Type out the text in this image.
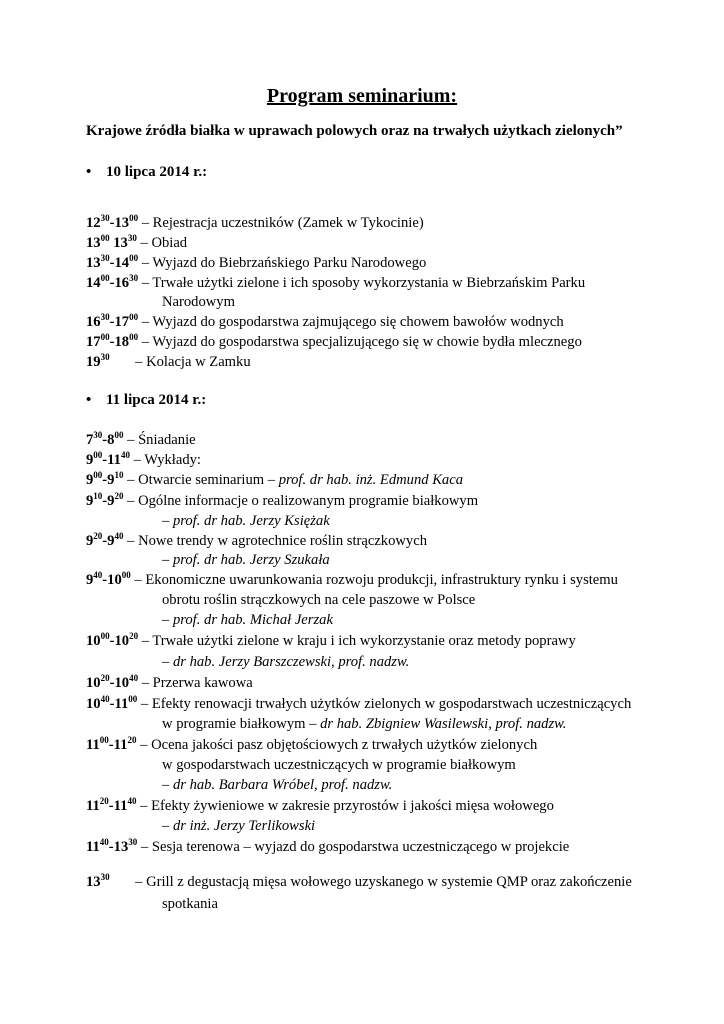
Program seminarium:
Krajowe źródła białka w uprawach polowych oraz na trwałych użytkach zielonych”
• 10 lipca 2014 r.:
$12^{30}-13^{00}$ – Rejestracja uczestników (Zamek w Tykocinie)
$13^{00}$ $13^{30}$ – Obiad
$13^{30}-14^{00}$ – Wyjazd do Biebrzańskiego Parku Narodowego
$14^{00}-16^{30}$ – Trwałe użytki zielone i ich sposoby wykorzystania w Biebrzańskim Parku
Narodowym
$16^{30}-17^{00}$ – Wyjazd do gospodarstwa zajmującego się chowem bawołów wodnych
$17^{00}-18^{00}$ – Wyjazd do gospodarstwa specjalizującego się w chowie bydła mlecznego
$19^{30}$       – Kolacja w Zamku
• 11 lipca 2014 r.:
$7^{30}-8^{00}$ – Śniadanie
$9^{00}-11^{40}$ – Wykłady:
$9^{00}-9^{10}$ – Otwarcie seminarium – prof. dr hab. inż. Edmund Kaca
$9^{10}-9^{20}$ – Ogólne informacje o realizowanym programie białkowym
– prof. dr hab. Jerzy Księżak
$9^{20}-9^{40}$ – Nowe trendy w agrotechnice roślin strączkowych
– prof. dr hab. Jerzy Szukała
$9^{40}-10^{00}$ – Ekonomiczne uwarunkowania rozwoju produkcji, infrastruktury rynku i systemu
obrotu roślin strączkowych na cele paszowe w Polsce
– prof. dr hab. Michał Jerzak
$10^{00}-10^{20}$ – Trwałe użytki zielone w kraju i ich wykorzystanie oraz metody poprawy
– dr hab. Jerzy Barszczewski, prof. nadzw.
$10^{20}-10^{40}$ – Przerwa kawowa
$10^{40}-11^{00}$ – Efekty renowacji trwałych użytków zielonych w gospodarstwach uczestniczących
w programie białkowym – dr hab. Zbigniew Wasilewski, prof. nadzw.
$11^{00}-11^{20}$ – Ocena jakości pasz objętościowych z trwałych użytków zielonych
w gospodarstwach uczestniczących w programie białkowym
– dr hab. Barbara Wróbel, prof. nadzw.
$11^{20}-11^{40}$ – Efekty żywieniowe w zakresie przyrostów i jakości mięsa wołowego
– dr inż. Jerzy Terlikowski
$11^{40}-13^{30}$ – Sesja terenowa – wyjazd do gospodarstwa uczestniczącego w projekcie
$13^{30}$       – Grill z degustacją mięsa wołowego uzyskanego w systemie QMP oraz zakończenie
spotkania
